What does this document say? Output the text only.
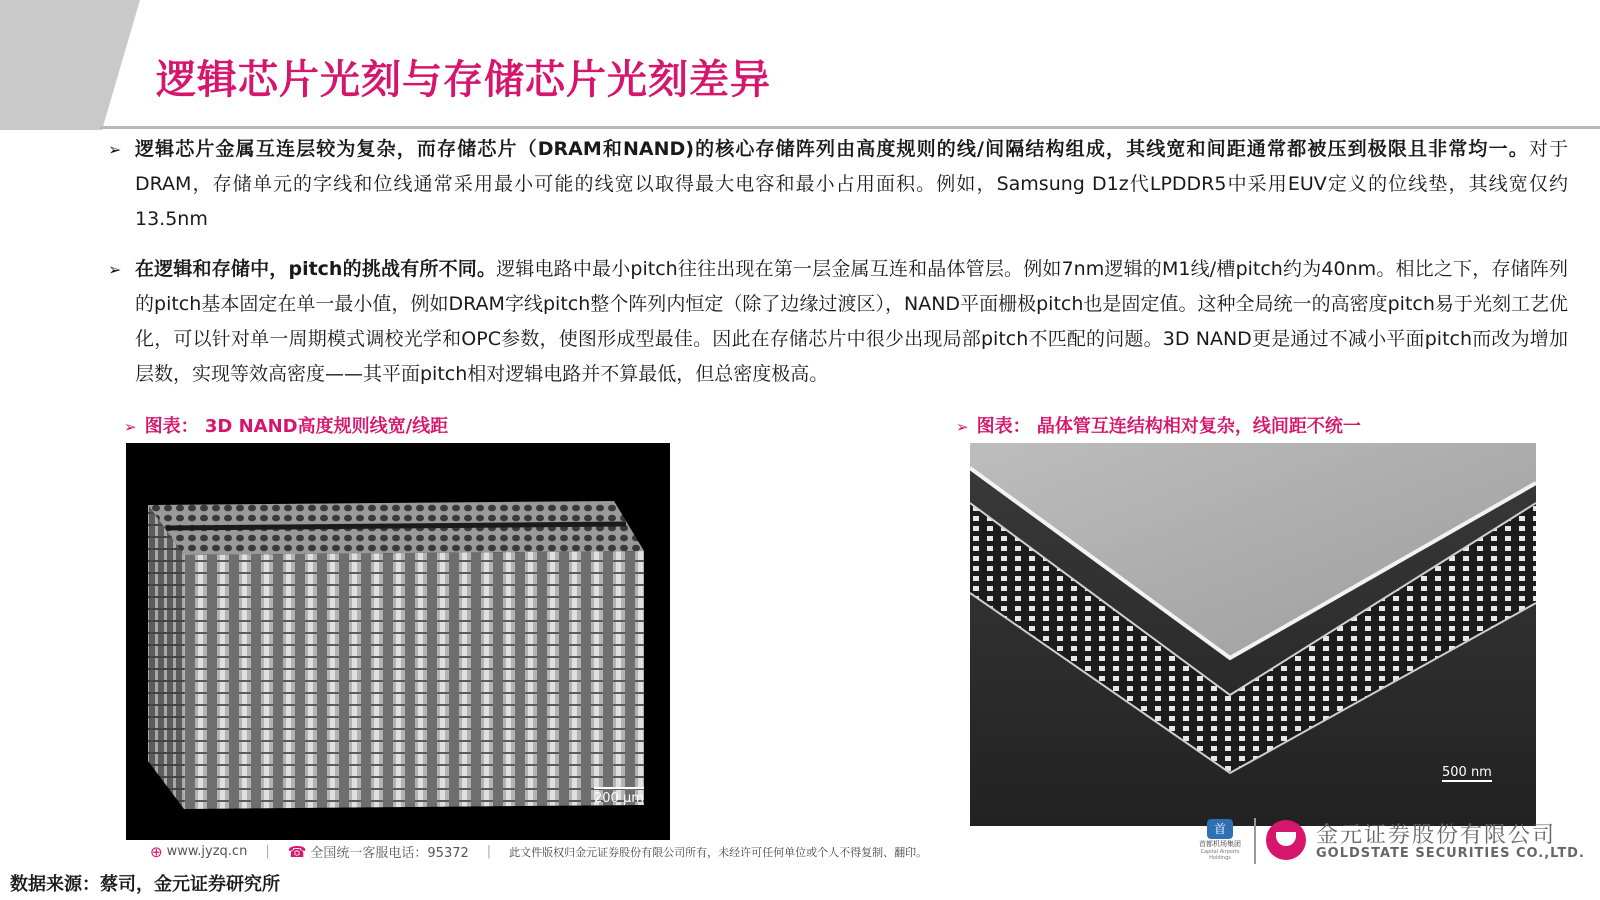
逻辑芯片光刻与存储芯片光刻差异
➢ 逻辑芯片金属互连层较为复杂，而存储芯片（DRAM和NAND)的核心存储阵列由高度规则的线/间隔结构组成，其线宽和间距通常都被压到极限且非常均一。对于DRAM，存储单元的字线和位线通常采用最小可能的线宽以取得最大电容和最小占用面积。例如，Samsung D1z代LPDDR5中采用EUV定义的位线垫，其线宽仅约13.5nm
➢ 在逻辑和存储中，pitch的挑战有所不同。逻辑电路中最小pitch往往出现在第一层金属互连和晶体管层。例如7nm逻辑的M1线/槽pitch约为40nm。相比之下，存储阵列的pitch基本固定在单一最小值，例如DRAM字线pitch整个阵列内恒定（除了边缘过渡区），NAND平面栅极pitch也是固定值。这种全局统一的高密度pitch易于光刻工艺优化，可以针对单一周期模式调校光学和OPC参数，使图形成型最佳。因此在存储芯片中很少出现局部pitch不匹配的问题。3D NAND更是通过不减小平面pitch而改为增加层数，实现等效高密度——其平面pitch相对逻辑电路并不算最低，但总密度极高。
➢ 图表： 3D NAND高度规则线宽/线距	➢ 图表： 晶体管互连结构相对复杂，线间距不统一
200 µm
500 nm
⊕ www.jyzq.cn | ☎ 全国统一客服电话：95372 | 此文件版权归金元证券股份有限公司所有，未经许可任何单位或个人不得复制、翻印。
首
首都机场集团
Capital Airports Holdings
金元证券股份有限公司
GOLDSTATE SECURITIES CO.,LTD.
数据来源：蔡司，金元证券研究所
